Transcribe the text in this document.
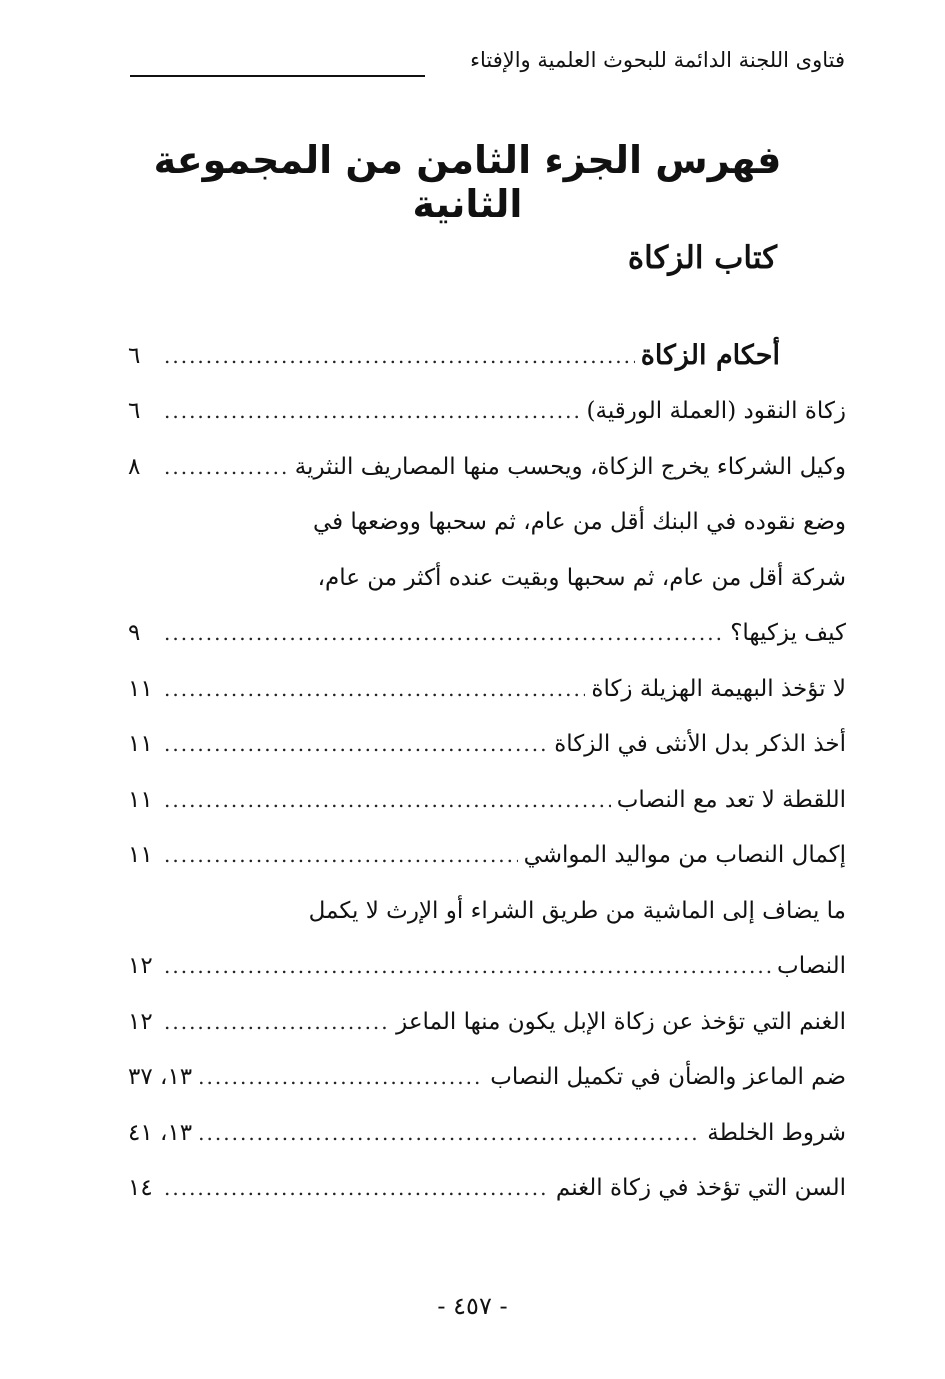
فتاوى اللجنة الدائمة للبحوث العلمية والإفتاء
فهرس الجزء الثامن من المجموعة الثانية
كتاب الزكاة
أحكام الزكاة
.....
٦
زكاة النقود (العملة الورقية)
.....
٦
وكيل الشركاء يخرج الزكاة، ويحسب منها المصاريف النثرية
.....
٨
وضع نقوده في البنك أقل من عام، ثم سحبها ووضعها في
شركة أقل من عام، ثم سحبها وبقيت عنده أكثر من عام،
كيف يزكيها؟
.....
٩
لا تؤخذ البهيمة الهزيلة زكاة
.....
١١
أخذ الذكر بدل الأنثى في الزكاة
.....
١١
اللقطة لا تعد مع النصاب
.....
١١
إكمال النصاب من مواليد المواشي
.....
١١
ما يضاف إلى الماشية من طريق الشراء أو الإرث لا يكمل
النصاب
.....
١٢
الغنم التي تؤخذ عن زكاة الإبل يكون منها الماعز
.....
١٢
ضم الماعز والضأن في تكميل النصاب
.....
١٣، ٣٧
شروط الخلطة
.....
١٣، ٤١
السن التي تؤخذ في زكاة الغنم
.....
١٤
- ٤٥٧ -
